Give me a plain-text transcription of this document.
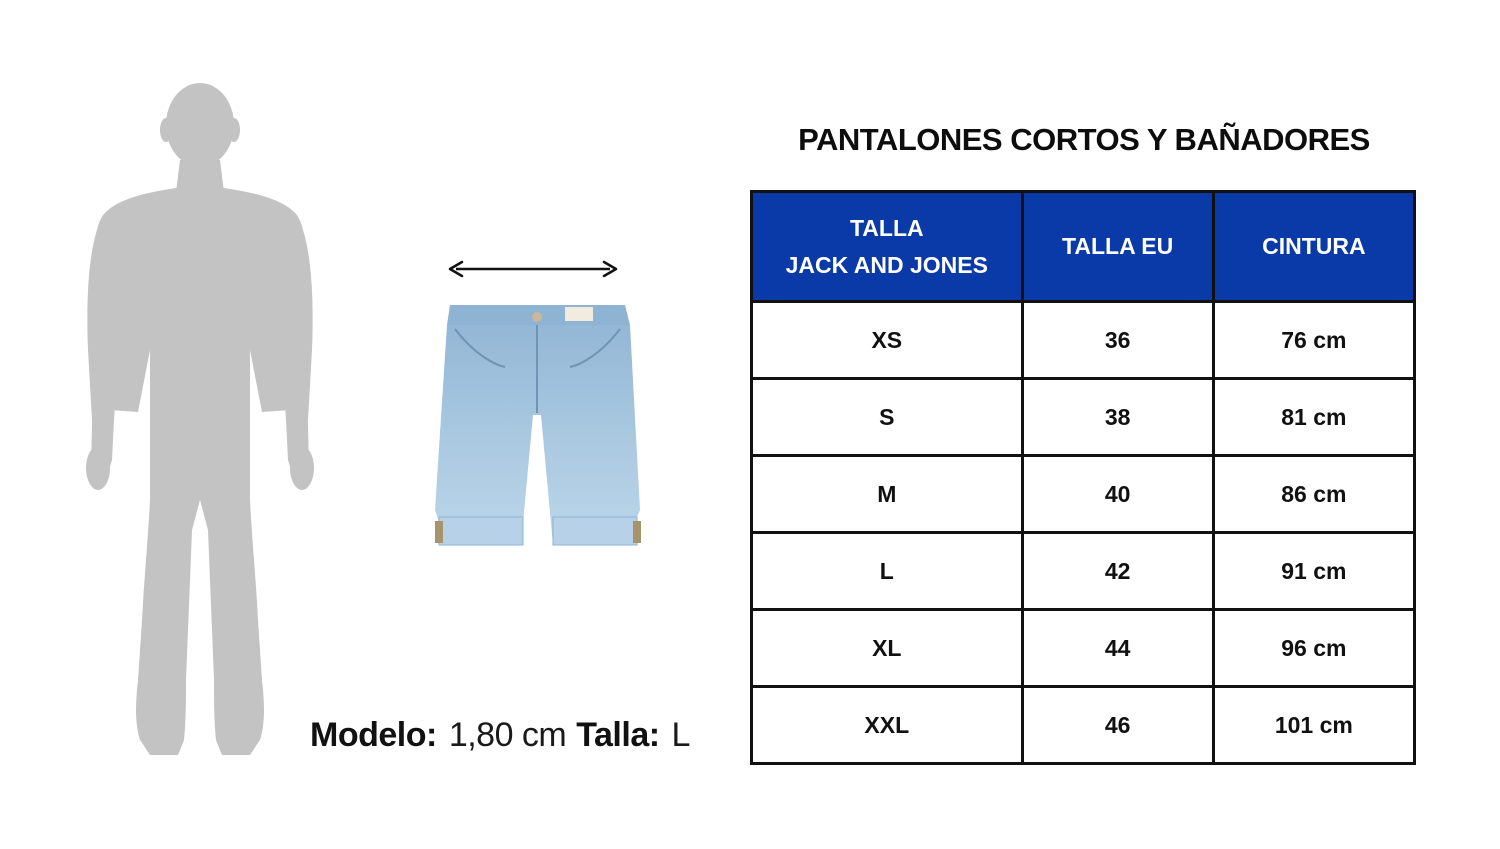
Modelo: 1,80 cm Talla: L
PANTALONES CORTOS Y BAÑADORES
TALLA
JACK AND JONES	TALLA EU	CINTURA
XS	36	76 cm
S	38	81 cm
M	40	86 cm
L	42	91 cm
XL	44	96 cm
XXL	46	101 cm
